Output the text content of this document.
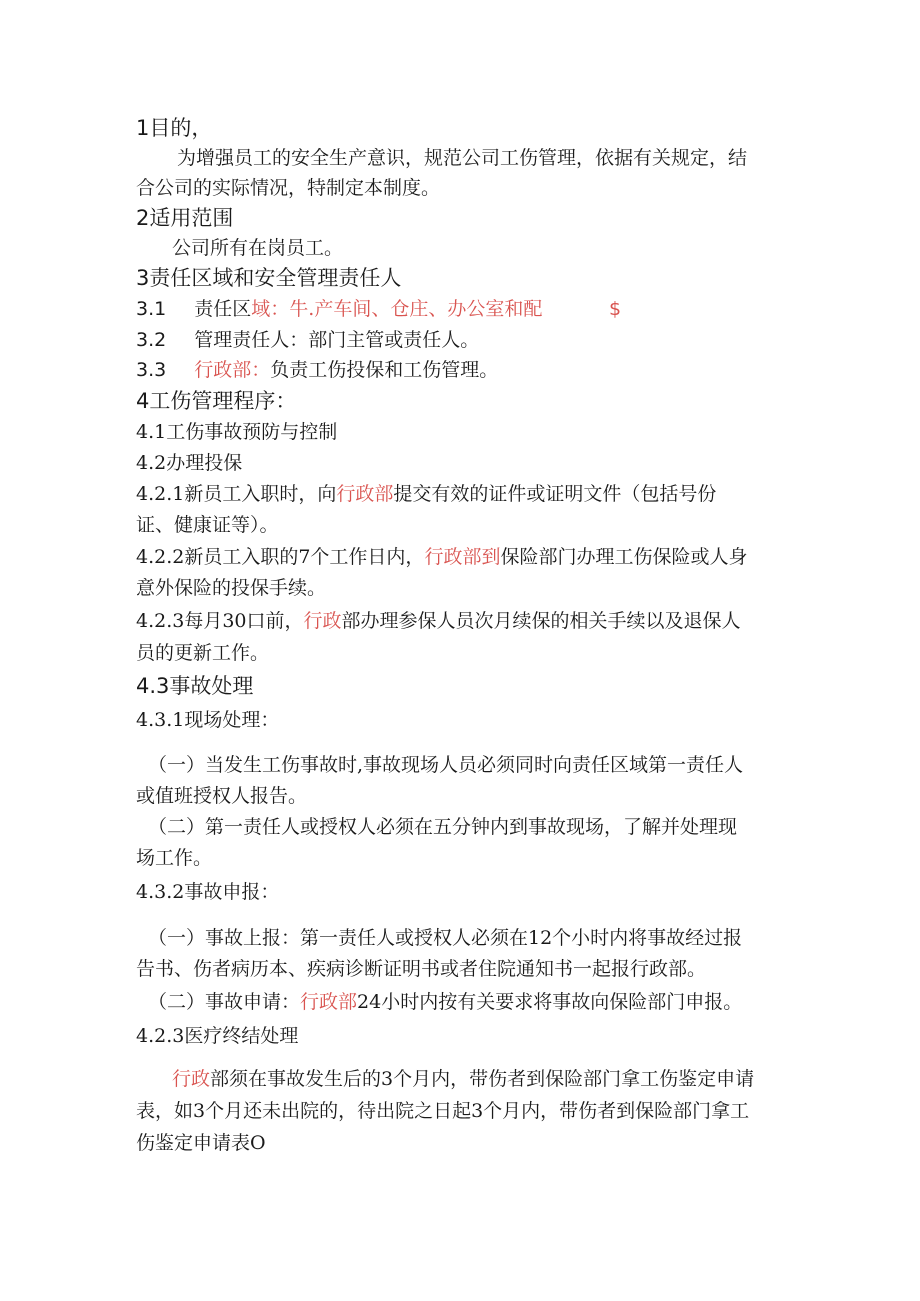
1目的，
为增强员工的安全生产意识，规范公司工伤管理，依据有关规定，结
合公司的实际情况，特制定本制度。
2适用范围
公司所有在岗员工。
3责任区域和安全管理责任人
3.1 责任区域：牛.产车间、仓庄、办公室和配	$
3.2 管理责任人：部门主管或责任人。
3.3 行政部：负责工伤投保和工伤管理。
4工伤管理程序：
4.1工伤事故预防与控制
4.2办理投保
4.2.1新员工入职时，向行政部提交有效的证件或证明文件（包括号份
证、健康证等）。
4.2.2新员工入职的7个工作日内，行政部到保险部门办理工伤保险或人身
意外保险的投保手续。
4.2.3每月30口前，行政部办理参保人员次月续保的相关手续以及退保人
员的更新工作。
4.3事故处理
4.3.1现场处理：
（一）当发生工伤事故时,事故现场人员必须同时向责任区域第一责任人
或值班授权人报告。
（二）第一责任人或授权人必须在五分钟内到事故现场，了解并处理现
场工作。
4.3.2事故申报：
（一）事故上报：第一责任人或授权人必须在12个小时内将事故经过报
告书、伤者病历本、疾病诊断证明书或者住院通知书一起报行政部。
（二）事故申请：行政部24小时内按有关要求将事故向保险部门申报。
4.2.3医疗终结处理
行政部须在事故发生后的3个月内，带伤者到保险部门拿工伤鉴定申请
表，如3个月还未出院的，待出院之日起3个月内，带伤者到保险部门拿工
伤鉴定申请表O
